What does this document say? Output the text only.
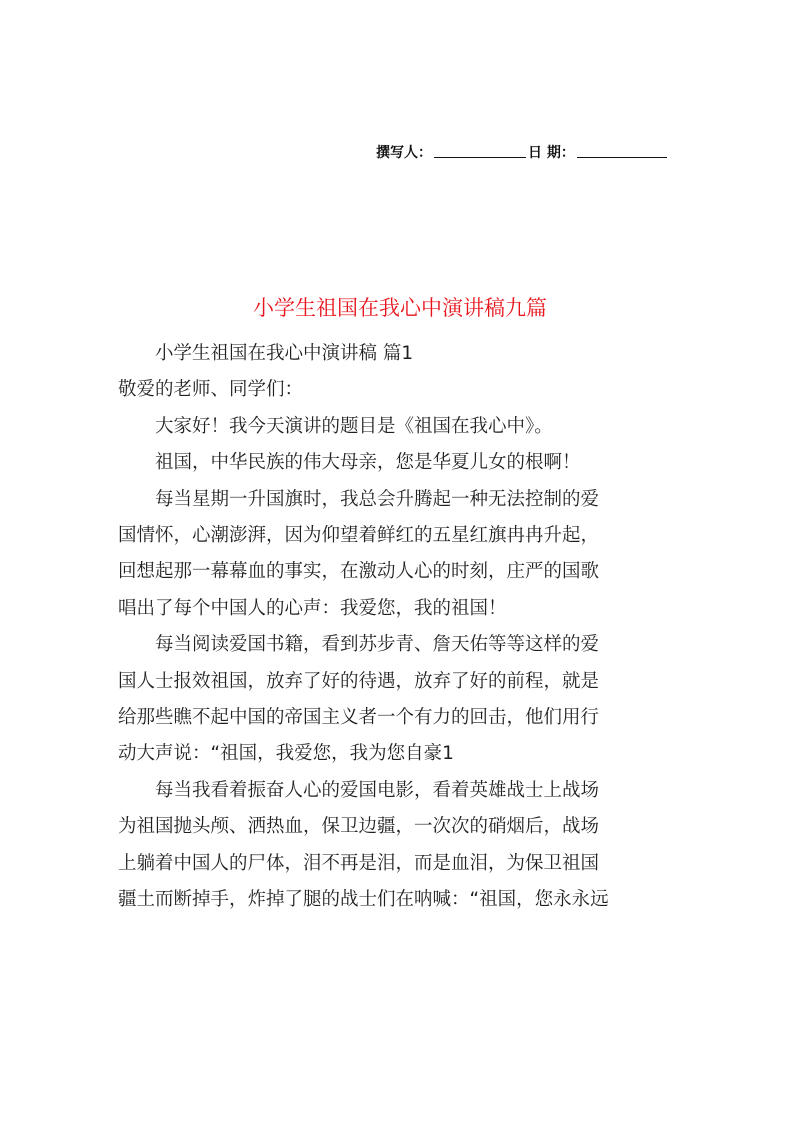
撰写人：	日 期：
小学生祖国在我心中演讲稿九篇

小学生祖国在我心中演讲稿 篇1

敬爱的老师、同学们：

大家好！我今天演讲的题目是《祖国在我心中》。

祖国，中华民族的伟大母亲，您是华夏儿女的根啊！

每当星期一升国旗时，我总会升腾起一种无法控制的爱
国情怀，心潮澎湃，因为仰望着鲜红的五星红旗冉冉升起，
回想起那一幕幕血的事实，在激动人心的时刻，庄严的国歌
唱出了每个中国人的心声：我爱您，我的祖国！

每当阅读爱国书籍，看到苏步青、詹天佑等等这样的爱
国人士报效祖国，放弃了好的待遇，放弃了好的前程，就是
给那些瞧不起中国的帝国主义者一个有力的回击，他们用行
动大声说：“祖国，我爱您，我为您自豪1

每当我看着振奋人心的爱国电影，看着英雄战士上战场
为祖国抛头颅、洒热血，保卫边疆，一次次的硝烟后，战场
上躺着中国人的尸体，泪不再是泪，而是血泪，为保卫祖国
疆土而断掉手，炸掉了腿的战士们在呐喊：“祖国，您永永远
